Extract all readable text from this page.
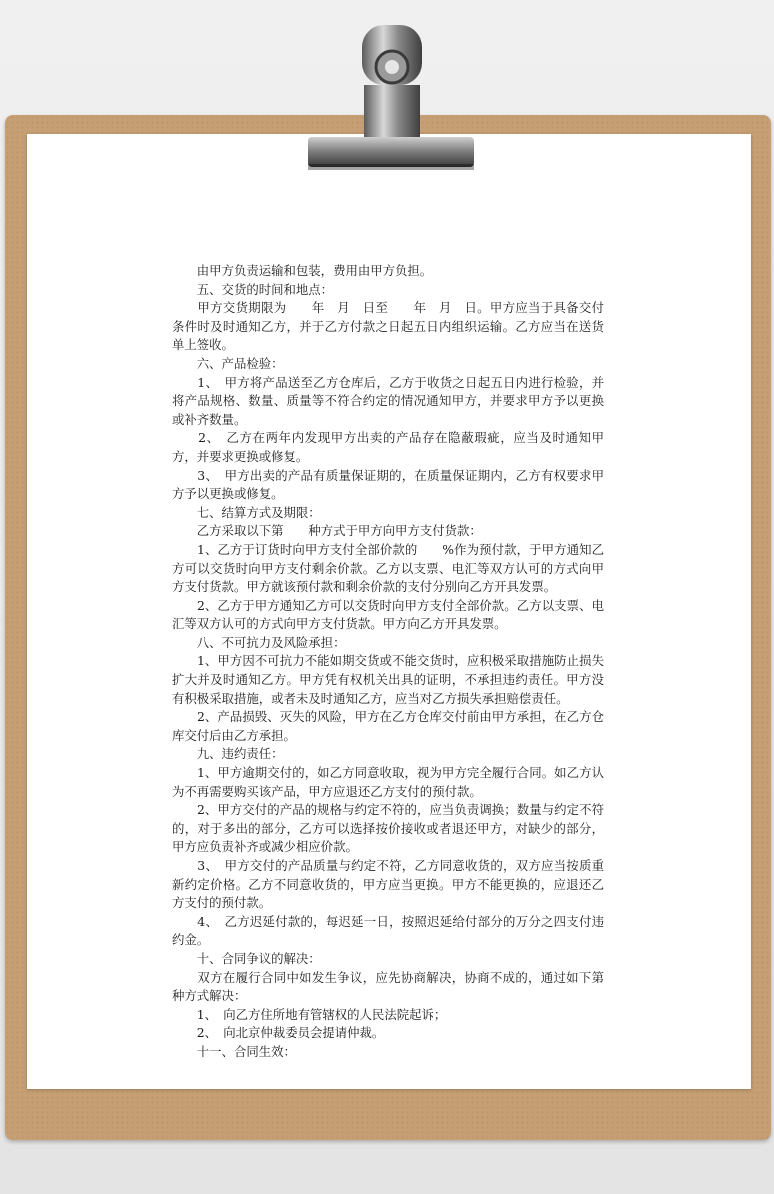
　　由甲方负责运输和包装，费用由甲方负担。

　　五、交货的时间和地点：

　　甲方交货期限为　　年　月　日至　　年　月　日。甲方应当于具备交付条件时及时通知乙方，并于乙方付款之日起五日内组织运输。乙方应当在送货单上签收。

　　六、产品检验：

　　1、　甲方将产品送至乙方仓库后，乙方于收货之日起五日内进行检验，并将产品规格、数量、质量等不符合约定的情况通知甲方，并要求甲方予以更换或补齐数量。

　　2、　乙方在两年内发现甲方出卖的产品存在隐蔽瑕疵，应当及时通知甲方，并要求更换或修复。

　　3、　甲方出卖的产品有质量保证期的，在质量保证期内，乙方有权要求甲方予以更换或修复。

　　七、结算方式及期限：

　　乙方采取以下第　　种方式于甲方向甲方支付货款：

　　1、乙方于订货时向甲方支付全部价款的　　%作为预付款，于甲方通知乙方可以交货时向甲方支付剩余价款。乙方以支票、电汇等双方认可的方式向甲方支付货款。甲方就该预付款和剩余价款的支付分别向乙方开具发票。

　　2、乙方于甲方通知乙方可以交货时向甲方支付全部价款。乙方以支票、电汇等双方认可的方式向甲方支付货款。甲方向乙方开具发票。

　　八、不可抗力及风险承担：

　　1、甲方因不可抗力不能如期交货或不能交货时，应积极采取措施防止损失扩大并及时通知乙方。甲方凭有权机关出具的证明，不承担违约责任。甲方没有积极采取措施，或者未及时通知乙方，应当对乙方损失承担赔偿责任。

　　2、产品损毁、灭失的风险，甲方在乙方仓库交付前由甲方承担，在乙方仓库交付后由乙方承担。

　　九、违约责任：

　　1、甲方逾期交付的，如乙方同意收取，视为甲方完全履行合同。如乙方认为不再需要购买该产品，甲方应退还乙方支付的预付款。

　　2、甲方交付的产品的规格与约定不符的，应当负责调换；数量与约定不符的，对于多出的部分，乙方可以选择按价接收或者退还甲方，对缺少的部分，甲方应负责补齐或减少相应价款。

　　3、　甲方交付的产品质量与约定不符，乙方同意收货的，双方应当按质重新约定价格。乙方不同意收货的，甲方应当更换。甲方不能更换的，应退还乙方支付的预付款。

　　4、　乙方迟延付款的，每迟延一日，按照迟延给付部分的万分之四支付违约金。

　　十、合同争议的解决：

　　双方在履行合同中如发生争议，应先协商解决，协商不成的，通过如下第种方式解决：

　　1、　向乙方住所地有管辖权的人民法院起诉；

　　2、　向北京仲裁委员会提请仲裁。

　　十一、合同生效：
